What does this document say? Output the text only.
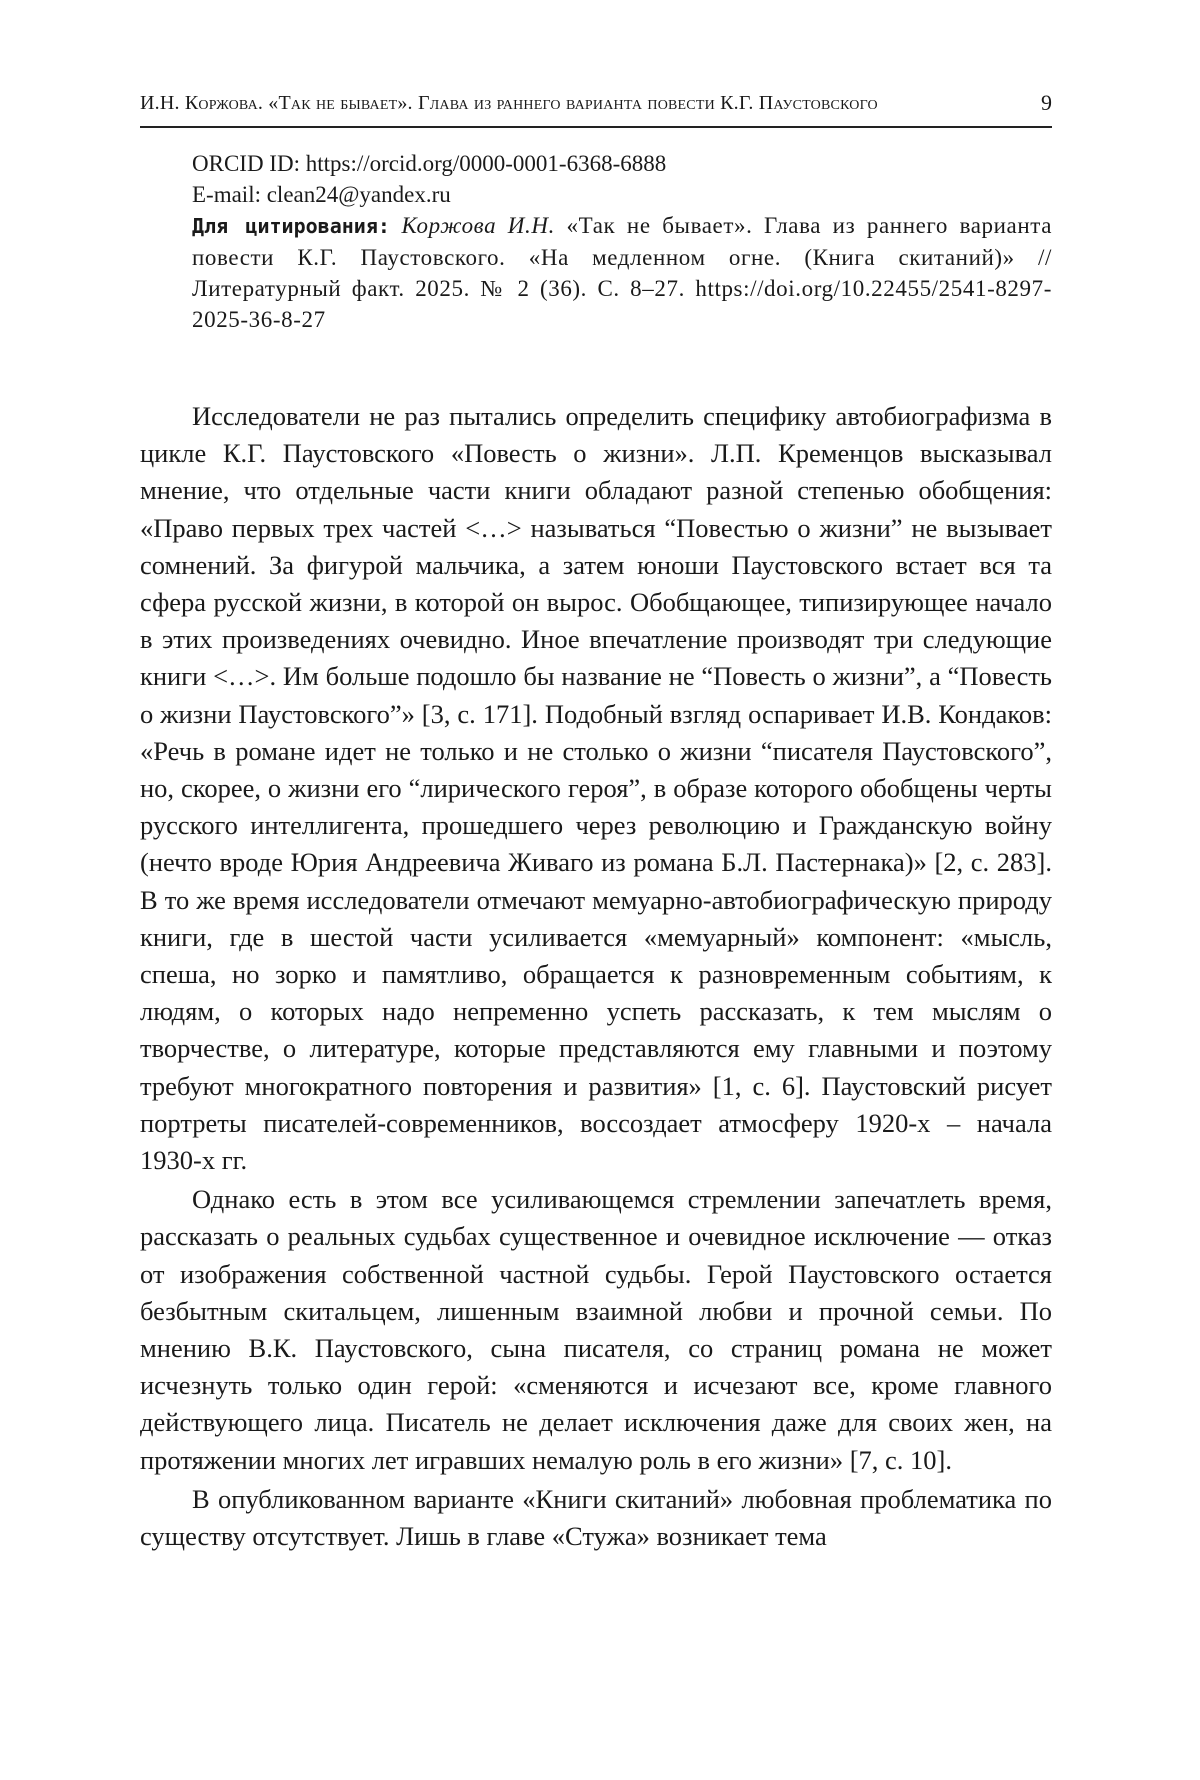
И.Н. Коржова. «Так не бывает». Глава из раннего варианта повести К.Г. Паустовского	9
ORCID ID: https://orcid.org/0000-0001-6368-6888
E-mail: clean24@yandex.ru
Для цитирования: Коржова И.Н. «Так не бывает». Глава из раннего варианта повести К.Г. Паустовского. «На медленном огне. (Книга скитаний)» // Литературный факт. 2025. № 2 (36). С. 8–27. https://doi.org/10.22455/2541-8297-2025-36-8-27

Исследователи не раз пытались определить специфику автобиографизма в цикле К.Г. Паустовского «Повесть о жизни». Л.П. Кременцов высказывал мнение, что отдельные части книги обладают разной степенью обобщения: «Право первых трех частей <…> называться “Повестью о жизни” не вызывает сомнений. За фигурой мальчика, а затем юноши Паустовского встает вся та сфера русской жизни, в которой он вырос. Обобщающее, типизирующее начало в этих произведениях очевидно. Иное впечатление производят три следующие книги <…>. Им больше подошло бы название не “Повесть о жизни”, а “Повесть о жизни Паустовского”» [3, с. 171]. Подобный взгляд оспаривает И.В. Кондаков: «Речь в романе идет не только и не столько о жизни “писателя Паустовского”, но, скорее, о жизни его “лирического героя”, в образе которого обобщены черты русского интеллигента, прошедшего через революцию и Гражданскую войну (нечто вроде Юрия Андреевича Живаго из романа Б.Л. Пастернака)» [2, с. 283]. В то же время исследователи отмечают мемуарно-автобиографическую природу книги, где в шестой части усиливается «мемуарный» компонент: «мысль, спеша, но зорко и памятливо, обращается к разновременным событиям, к людям, о которых надо непременно успеть рассказать, к тем мыслям о творчестве, о литературе, которые представляются ему главными и поэтому требуют многократного повторения и развития» [1, с. 6]. Паустовский рисует портреты писателей-современников, воссоздает атмосферу 1920-х – начала 1930-х гг.

Однако есть в этом все усиливающемся стремлении запечатлеть время, рассказать о реальных судьбах существенное и очевидное исключение — отказ от изображения собственной частной судьбы. Герой Паустовского остается безбытным скитальцем, лишенным взаимной любви и прочной семьи. По мнению В.К. Паустовского, сына писателя, со страниц романа не может исчезнуть только один герой: «сменяются и исчезают все, кроме главного действующего лица. Писатель не делает исключения даже для своих жен, на протяжении многих лет игравших немалую роль в его жизни» [7, с. 10].

В опубликованном варианте «Книги скитаний» любовная проблематика по существу отсутствует. Лишь в главе «Стужа» возникает тема
